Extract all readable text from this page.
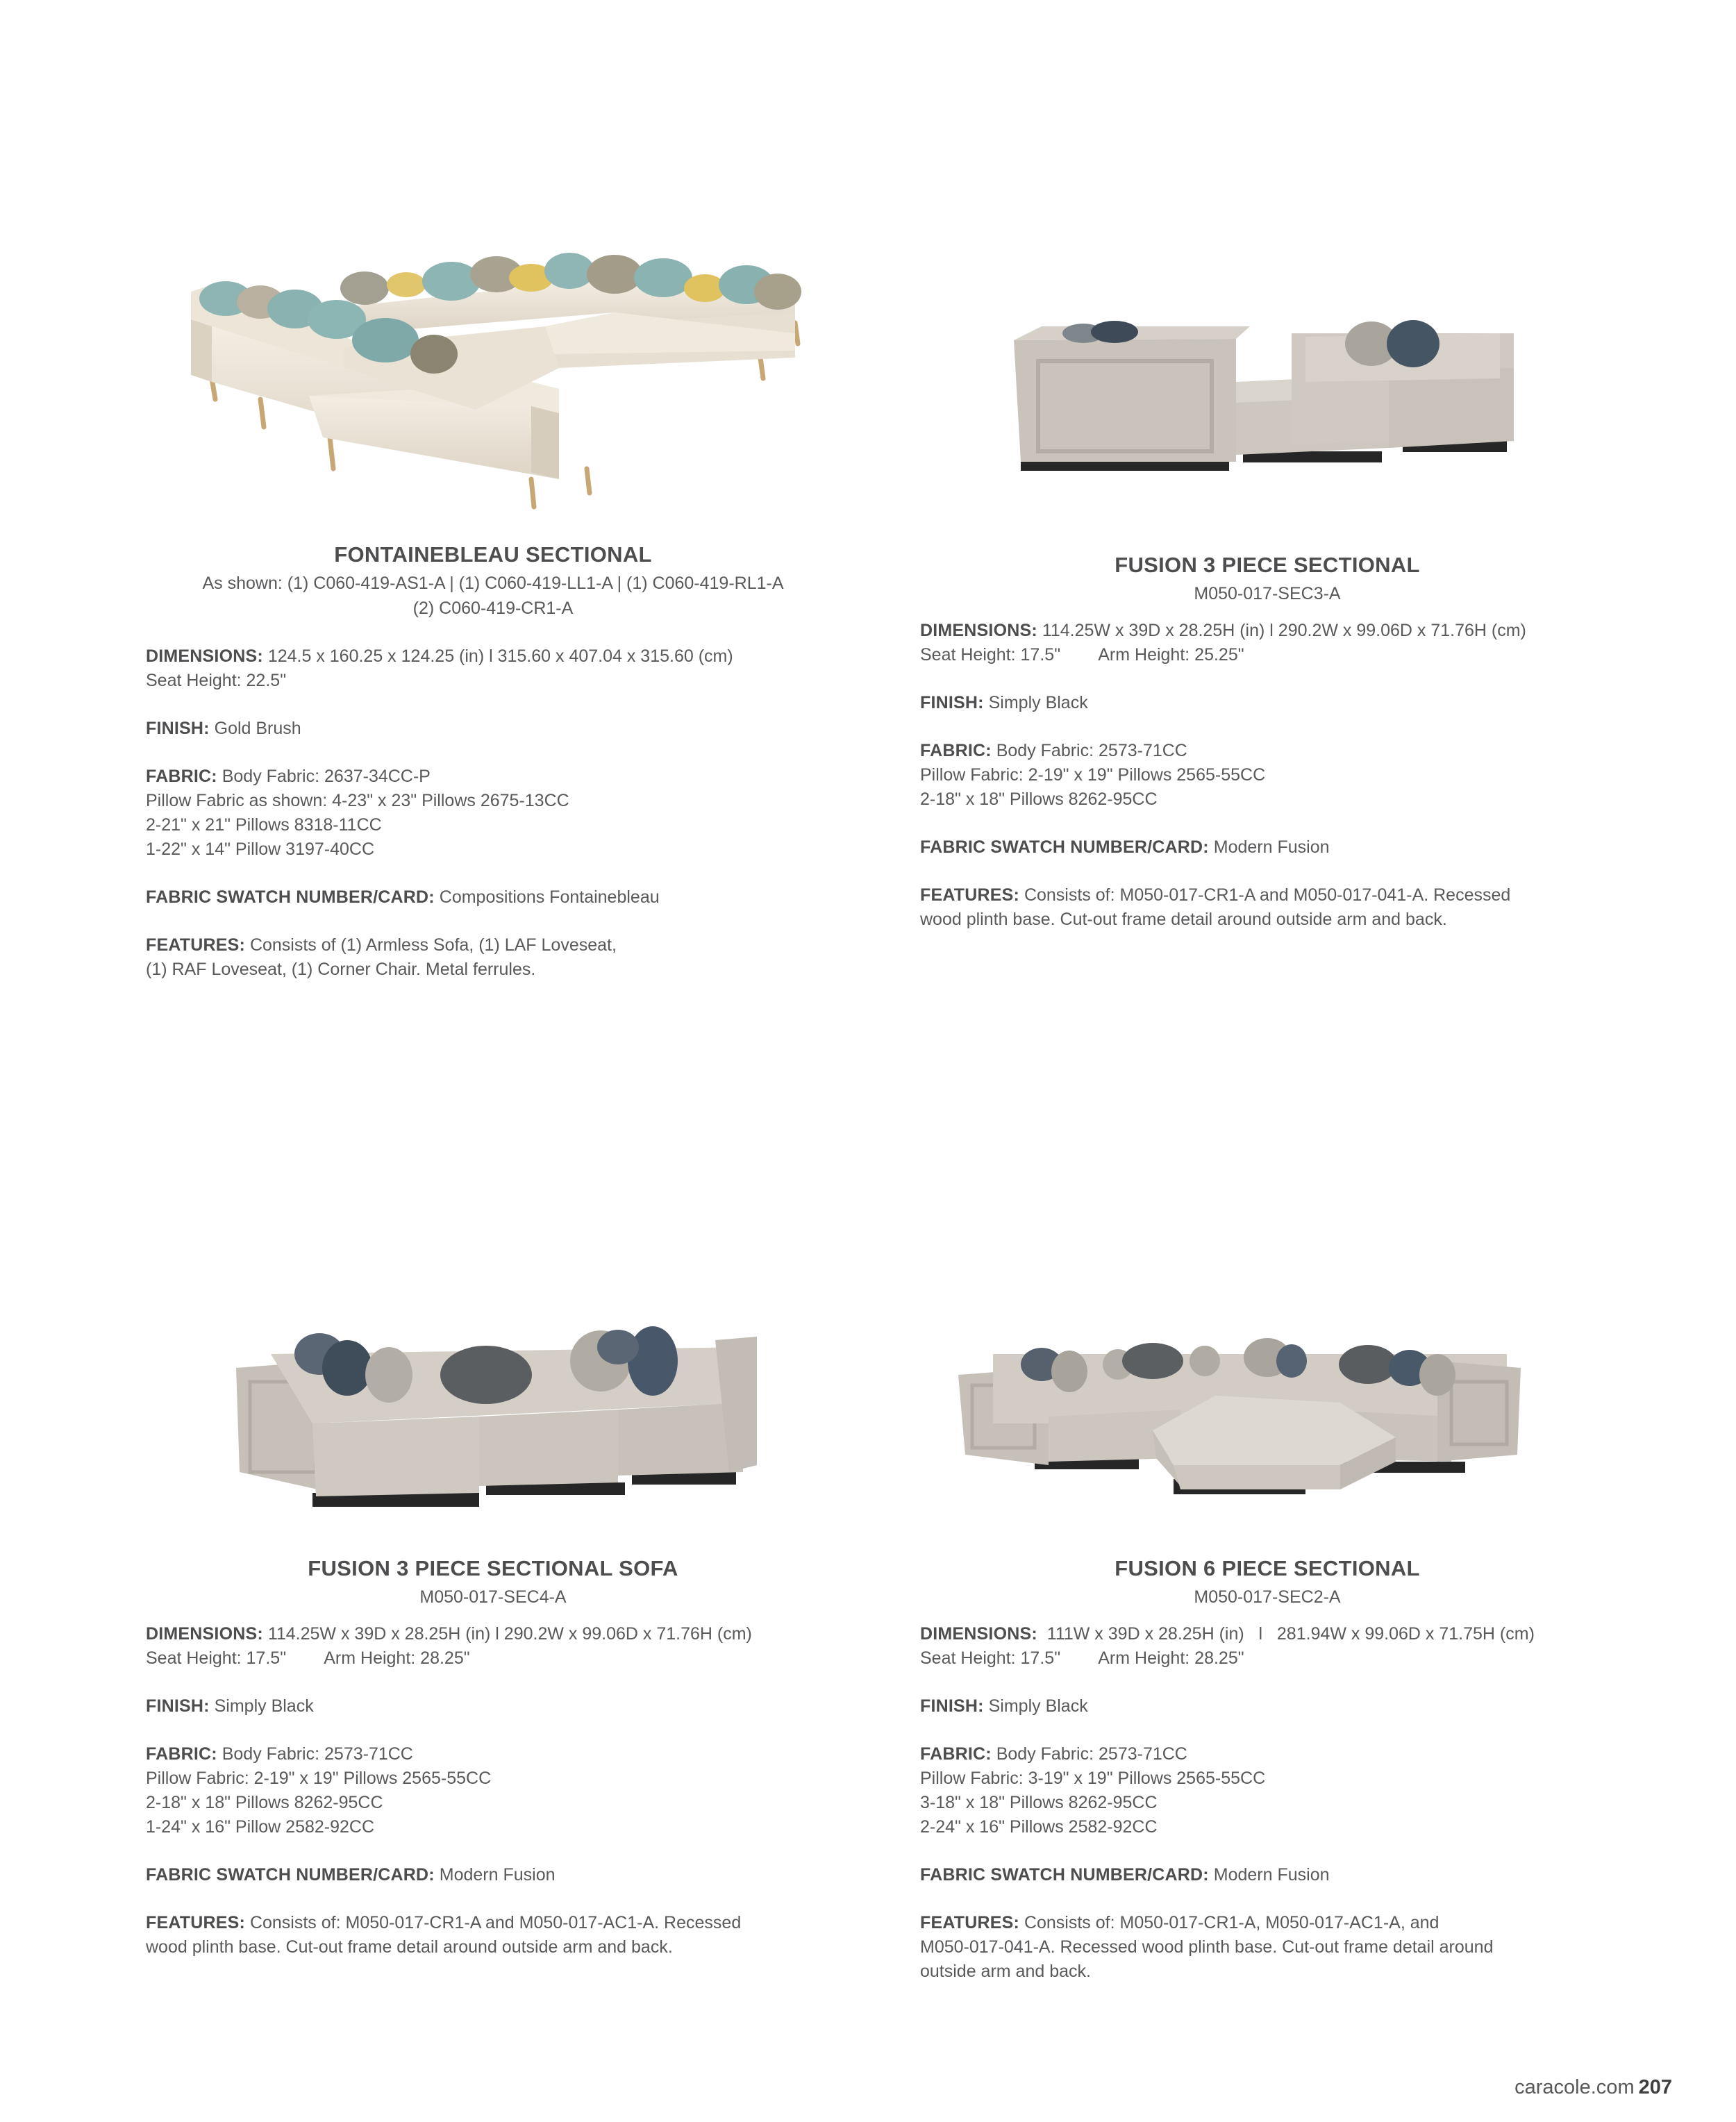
FONTAINEBLEAU SECTIONAL

As shown: (1) C060-419-AS1-A | (1) C060-419-LL1-A | (1) C060-419-RL1-A

(2) C060-419-CR1-A

DIMENSIONS: 124.5 x 160.25 x 124.25 (in) l 315.60 x 407.04 x 315.60 (cm)

Seat Height: 22.5"

FINISH: Gold Brush

FABRIC: Body Fabric: 2637-34CC-P

Pillow Fabric as shown: 4-23" x 23" Pillows 2675-13CC

2-21" x 21" Pillows 8318-11CC

1-22" x 14" Pillow 3197-40CC

FABRIC SWATCH NUMBER/CARD: Compositions Fontainebleau

FEATURES: Consists of (1) Armless Sofa, (1) LAF Loveseat,

(1) RAF Loveseat, (1) Corner Chair. Metal ferrules.

FUSION 3 PIECE SECTIONAL

M050-017-SEC3-A

DIMENSIONS: 114.25W x 39D x 28.25H (in) l 290.2W x 99.06D x 71.76H (cm)

Seat Height: 17.5"        Arm Height: 25.25"

FINISH: Simply Black

FABRIC: Body Fabric: 2573-71CC

Pillow Fabric: 2-19" x 19" Pillows 2565-55CC

2-18" x 18" Pillows 8262-95CC

FABRIC SWATCH NUMBER/CARD: Modern Fusion

FEATURES: Consists of: M050-017-CR1-A and M050-017-041-A. Recessed

wood plinth base. Cut-out frame detail around outside arm and back.

FUSION 3 PIECE SECTIONAL SOFA

M050-017-SEC4-A

DIMENSIONS: 114.25W x 39D x 28.25H (in) l 290.2W x 99.06D x 71.76H (cm)

Seat Height: 17.5"        Arm Height: 28.25"

FINISH: Simply Black

FABRIC: Body Fabric: 2573-71CC

Pillow Fabric: 2-19" x 19" Pillows 2565-55CC

2-18" x 18" Pillows 8262-95CC

1-24" x 16" Pillow 2582-92CC

FABRIC SWATCH NUMBER/CARD: Modern Fusion

FEATURES: Consists of: M050-017-CR1-A and M050-017-AC1-A. Recessed

wood plinth base. Cut-out frame detail around outside arm and back.

FUSION 6 PIECE SECTIONAL

M050-017-SEC2-A

DIMENSIONS:  111W x 39D x 28.25H (in)   l   281.94W x 99.06D x 71.75H (cm)

Seat Height: 17.5"        Arm Height: 28.25"

FINISH: Simply Black

FABRIC: Body Fabric: 2573-71CC

Pillow Fabric: 3-19" x 19" Pillows 2565-55CC

3-18" x 18" Pillows 8262-95CC

2-24" x 16" Pillows 2582-92CC

FABRIC SWATCH NUMBER/CARD: Modern Fusion

FEATURES: Consists of: M050-017-CR1-A, M050-017-AC1-A, and

M050-017-041-A. Recessed wood plinth base. Cut-out frame detail around

outside arm and back.

caracole.com 207
